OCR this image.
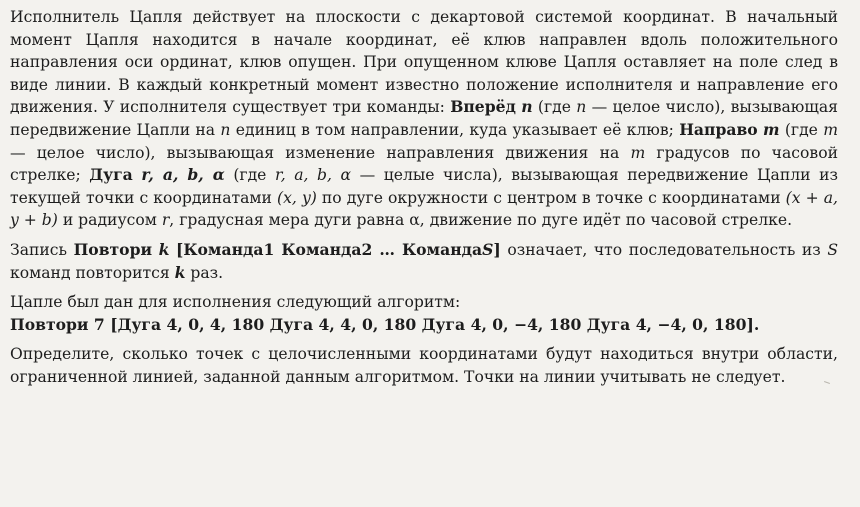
Исполнитель Цапля действует на плоскости с декартовой системой координат. В начальный момент Цапля находится в начале координат, её клюв направлен вдоль положительного направления оси ординат, клюв опущен. При опущенном клюве Цапля оставляет на поле след в виде линии. В каждый конкретный момент известно положение исполнителя и направление его движения. У исполнителя существует три команды: Вперёд n (где n — целое число), вызывающая передвижение Цапли на n единиц в том направлении, куда указывает её клюв; Направо m (где m — целое число), вызывающая изменение направления движения на m градусов по часовой стрелке; Дуга r, a, b, α (где r, a, b, α — целые числа), вызывающая передвижение Цапли из текущей точки с координатами (x, y) по дуге окружности с центром в точке с координатами (x + a, y + b) и радиусом r, градусная мера дуги равна α, движение по дуге идёт по часовой стрелке.

Запись Повтори k [Команда1 Команда2 … КомандаS] означает, что последовательность из S команд повторится k раз.

Цапле был дан для исполнения следующий алгоритм:

Повтори 7 [Дуга 4, 0, 4, 180 Дуга 4, 4, 0, 180 Дуга 4, 0, −4, 180 Дуга 4, −4, 0, 180].

Определите, сколько точек с целочисленными координатами будут находиться внутри области, ограниченной линией, заданной данным алгоритмом. Точки на линии учитывать не следует.
